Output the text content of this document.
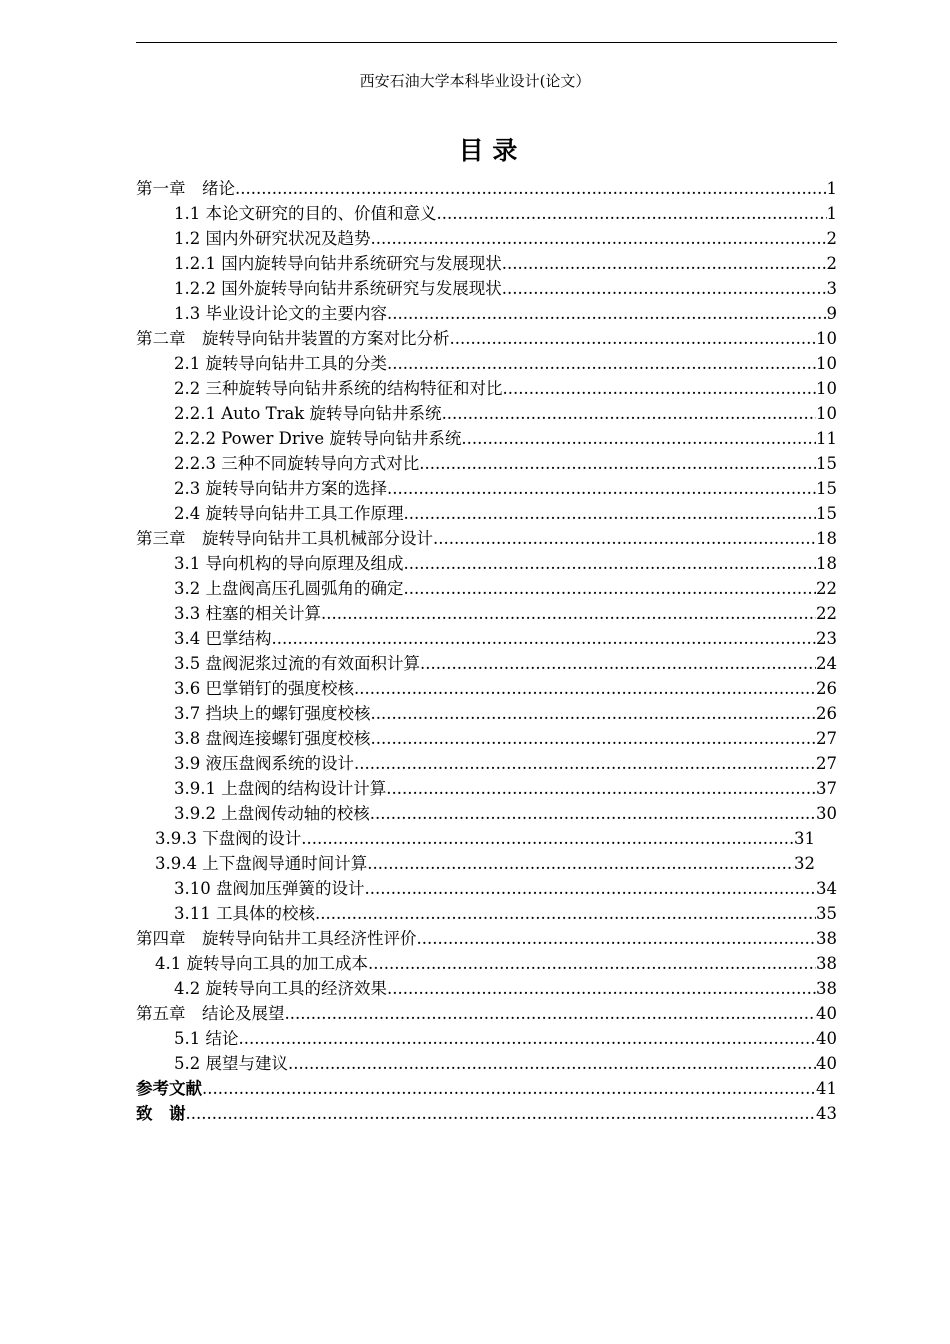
西安石油大学本科毕业设计(论文）
目 录
第一章　绪论 .....	1
1.1 本论文研究的目的、价值和意义 .....	1
1.2 国内外研究状况及趋势 .....	2
1.2.1 国内旋转导向钻井系统研究与发展现状 .....	2
1.2.2 国外旋转导向钻井系统研究与发展现状 .....	3
1.3 毕业设计论文的主要内容 .....	9
第二章　旋转导向钻井装置的方案对比分析 .....	10
2.1 旋转导向钻井工具的分类 .....	10
2.2 三种旋转导向钻井系统的结构特征和对比 .....	10
2.2.1 Auto Trak 旋转导向钻井系统 .....	10
2.2.2 Power Drive 旋转导向钻井系统 .....	11
2.2.3 三种不同旋转导向方式对比 .....	15
2.3 旋转导向钻井方案的选择 .....	15
2.4 旋转导向钻井工具工作原理 .....	15
第三章　旋转导向钻井工具机械部分设计 .....	18
3.1 导向机构的导向原理及组成 .....	18
3.2 上盘阀高压孔圆弧角的确定 .....	22
3.3 柱塞的相关计算 .....	22
3.4 巴掌结构 .....	23
3.5 盘阀泥浆过流的有效面积计算 .....	24
3.6 巴掌销钉的强度校核 .....	26
3.7 挡块上的螺钉强度校核 .....	26
3.8 盘阀连接螺钉强度校核 .....	27
3.9 液压盘阀系统的设计 .....	27
3.9.1 上盘阀的结构设计计算 .....	37
3.9.2 上盘阀传动轴的校核 .....	30
3.9.3 下盘阀的设计 .....	31
3.9.4 上下盘阀导通时间计算 .....	32
3.10 盘阀加压弹簧的设计 .....	34
3.11 工具体的校核 .....	35
第四章　旋转导向钻井工具经济性评价 .....	38
4.1 旋转导向工具的加工成本 .....	38
4.2 旋转导向工具的经济效果 .....	38
第五章　结论及展望 .....	40
5.1 结论 .....	40
5.2 展望与建议 .....	40
参考文献 .....	41
致　谢 .....	43
